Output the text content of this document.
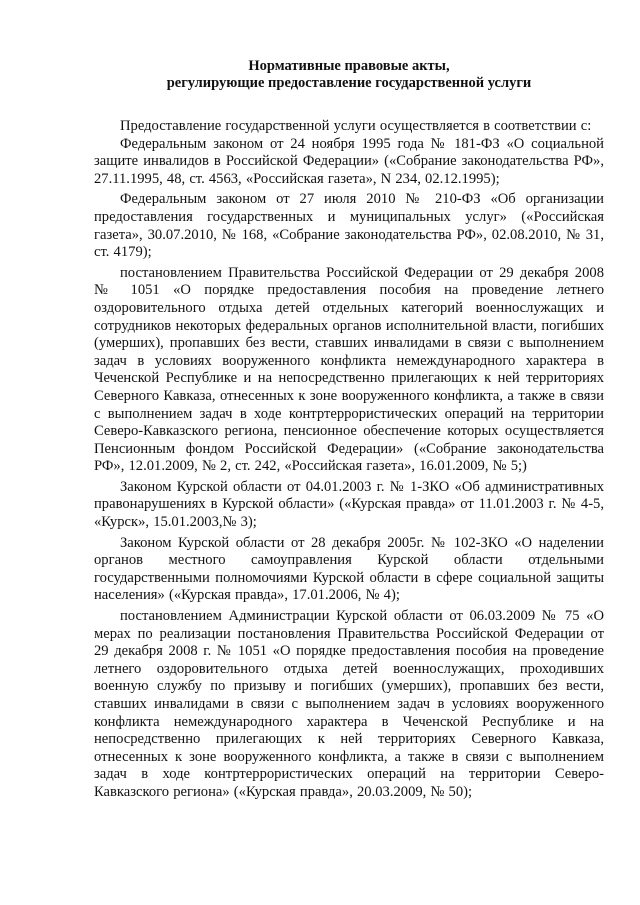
Нормативные правовые акты,
регулирующие предоставление государственной услуги

Предоставление государственной услуги осуществляется в соответствии с:

Федеральным законом от 24 ноября 1995 года № 181-ФЗ «О социальной защите инвалидов в Российской Федерации» («Собрание законодательства РФ», 27.11.1995, 48, ст. 4563, «Российская газета», N 234, 02.12.1995);

Федеральным законом от 27 июля 2010 № 210-ФЗ «Об организации предоставления государственных и муниципальных услуг» («Российская газета», 30.07.2010, № 168, «Собрание законодательства РФ», 02.08.2010, № 31, ст. 4179);

постановлением Правительства Российской Федерации от 29 декабря 2008 № 1051 «О порядке предоставления пособия на проведение летнего оздоровительного отдыха детей отдельных категорий военнослужащих и сотрудников некоторых федеральных органов исполнительной власти, погибших (умерших), пропавших без вести, ставших инвалидами в связи с выполнением задач в условиях вооруженного конфликта немеждународного характера в Чеченской Республике и на непосредственно прилегающих к ней территориях Северного Кавказа, отнесенных к зоне вооруженного конфликта, а также в связи с выполнением задач в ходе контртеррористических операций на территории Северо-Кавказского региона, пенсионное обеспечение которых осуществляется Пенсионным фондом Российской Федерации» («Собрание законодательства РФ», 12.01.2009, № 2, ст. 242, «Российская газета», 16.01.2009, № 5;)

Законом Курской области от 04.01.2003 г. № 1-ЗКО «Об административных правонарушениях в Курской области» («Курская правда» от 11.01.2003 г. № 4-5, «Курск», 15.01.2003,№ 3);

Законом Курской области от 28 декабря 2005г. № 102-ЗКО «О наделении органов местного самоуправления Курской области отдельными государственными полномочиями Курской области в сфере социальной защиты населения» («Курская правда», 17.01.2006, № 4);

постановлением Администрации Курской области от 06.03.2009 № 75 «О мерах по реализации постановления Правительства Российской Федерации от 29 декабря 2008 г. № 1051 «О порядке предоставления пособия на проведение летнего оздоровительного отдыха детей военнослужащих, проходивших военную службу по призыву и погибших (умерших), пропавших без вести, ставших инвалидами в связи с выполнением задач в условиях вооруженного конфликта немеждународного характера в Чеченской Республике и на непосредственно прилегающих к ней территориях Северного Кавказа, отнесенных к зоне вооруженного конфликта, а также в связи с выполнением задач в ходе контртеррористических операций на территории Северо-Кавказского региона» («Курская правда», 20.03.2009, № 50);
